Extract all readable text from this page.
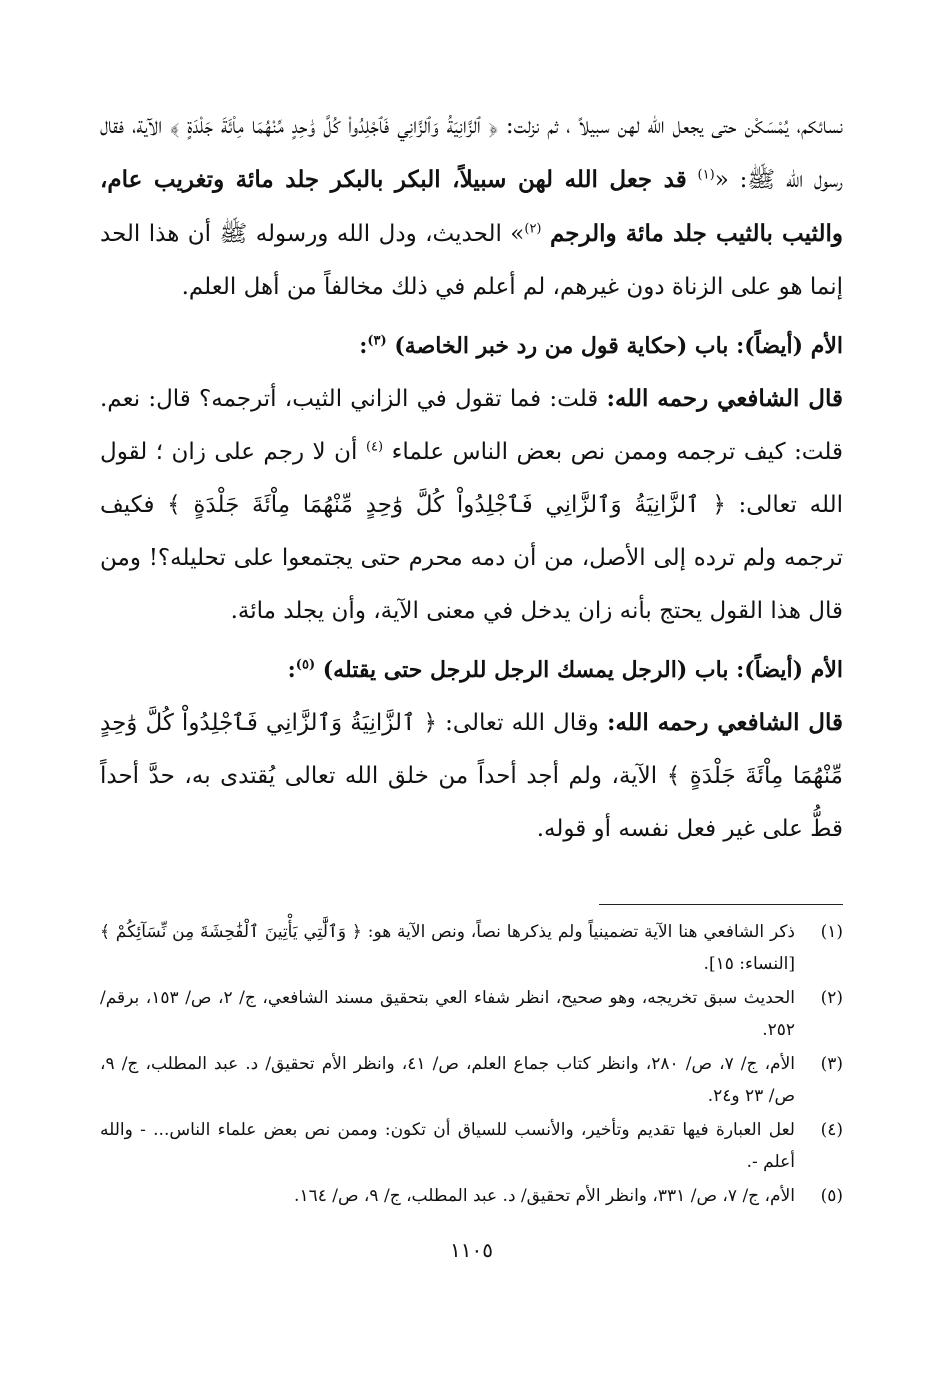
نسائكم، يُمْسَكْن حتى يجعل الله لهن سبيلاً ، ثم نزلت: ﴿ ٱلزَّانِيَةُ وَٱلزَّانِي فَٱجْلِدُواْ كُلَّ وَٰحِدٍ مِّنْهُمَا مِاْئَةَ جَلْدَةٍ ﴾ الآية، فقال رسول الله ﷺ: «$^{(١)}$ قد جعل الله لهن سبيلاً، البكر بالبكر جلد مائة وتغريب عام، والثيب بالثيب جلد مائة والرجم $^{(٢)}$» الحديث، ودل الله ورسوله ﷺ أن هذا الحد إنما هو على الزناة دون غيرهم، لم أعلم في ذلك مخالفاً من أهل العلم.

الأم (أيضاً): باب (حكاية قول من رد خبر الخاصة) $^{(٣)}$:

قال الشافعي رحمه الله: قلت: فما تقول في الزاني الثيب، أترجمه؟ قال: نعم. قلت: كيف ترجمه وممن نص بعض الناس علماء $^{(٤)}$ أن لا رجم على زان ؛ لقول الله تعالى: ﴿ ٱلزَّانِيَةُ وَٱلزَّانِي فَٱجْلِدُواْ كُلَّ وَٰحِدٍ مِّنْهُمَا مِاْئَةَ جَلْدَةٍ ﴾ فكيف ترجمه ولم ترده إلى الأصل، من أن دمه محرم حتى يجتمعوا على تحليله؟! ومن قال هذا القول يحتج بأنه زان يدخل في معنى الآية، وأن يجلد مائة.

الأم (أيضاً): باب (الرجل يمسك الرجل للرجل حتى يقتله) $^{(٥)}$:

قال الشافعي رحمه الله: وقال الله تعالى: ﴿ ٱلزَّانِيَةُ وَٱلزَّانِي فَٱجْلِدُواْ كُلَّ وَٰحِدٍ مِّنْهُمَا مِاْئَةَ جَلْدَةٍ ﴾ الآية، ولم أجد أحداً من خلق الله تعالى يُقتدى به، حدَّ أحداً قطُّ على غير فعل نفسه أو قوله.

(١)
ذكر الشافعي هنا الآية تضمينياً ولم يذكرها نصاً، ونص الآية هو: ﴿ وَٱلَّٰتِي يَأْتِينَ ٱلْفَٰحِشَةَ مِن نِّسَآئِكُمْ ﴾ [النساء: ١٥].
(٢)
الحديث سبق تخريجه، وهو صحيح، انظر شفاء العي بتحقيق مسند الشافعي، ج/ ٢، ص/ ١٥٣، برقم/ ٢٥٢.
(٣)
الأم، ج/ ٧، ص/ ٢٨٠، وانظر كتاب جماع العلم، ص/ ٤١، وانظر الأم تحقيق/ د. عبد المطلب، ج/ ٩، ص/ ٢٣ و٢٤.
(٤)
لعل العبارة فيها تقديم وتأخير، والأنسب للسياق أن تكون: وممن نص بعض علماء الناس... - والله أعلم -.
(٥)
الأم، ج/ ٧، ص/ ٣٣١، وانظر الأم تحقيق/ د. عبد المطلب، ج/ ٩، ص/ ١٦٤.
١١٠٥
